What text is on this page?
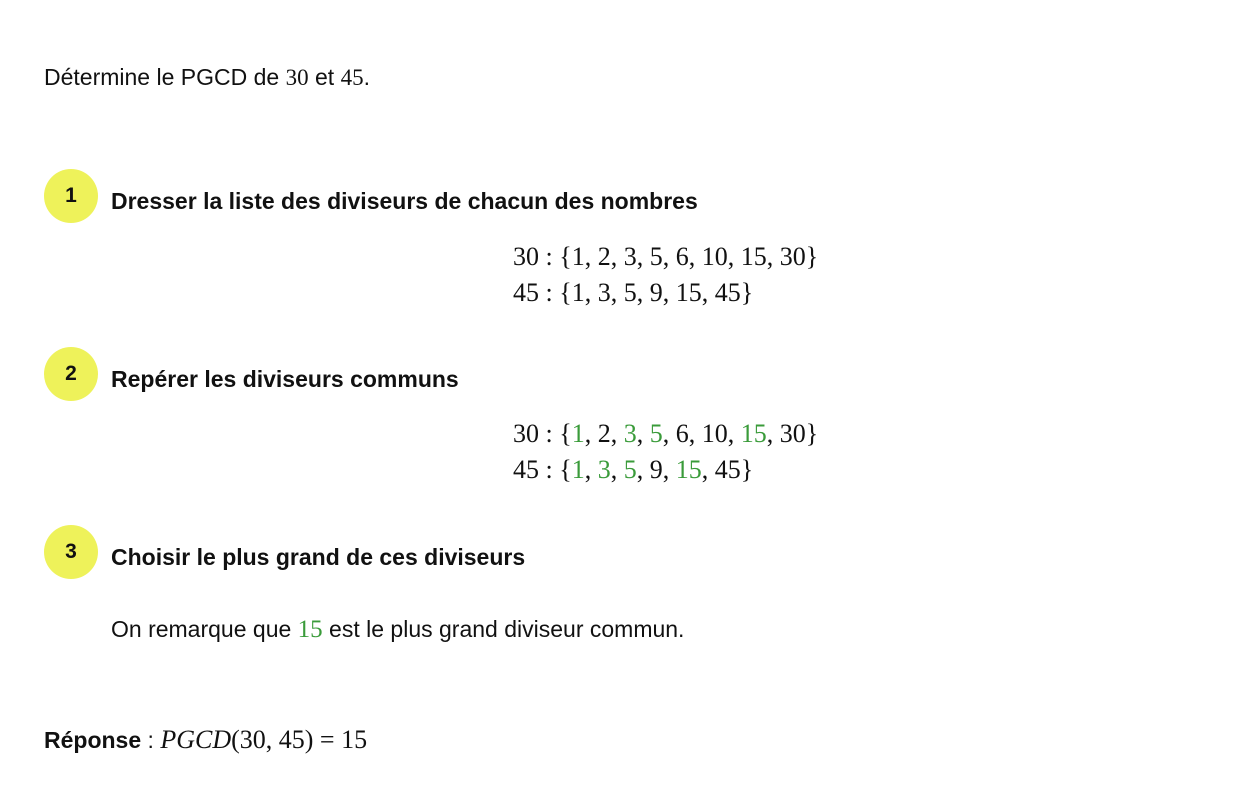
Détermine le PGCD de 30 et 45.
1	Dresser la liste des diviseurs de chacun des nombres
30 : {1, 2, 3, 5, 6, 10, 15, 30}
45 : {1, 3, 5, 9, 15, 45}
2	Repérer les diviseurs communs
30 : {1, 2, 3, 5, 6, 10, 15, 30}
45 : {1, 3, 5, 9, 15, 45}
3	Choisir le plus grand de ces diviseurs
On remarque que 15 est le plus grand diviseur commun.
Réponse : PGCD(30, 45) = 15
